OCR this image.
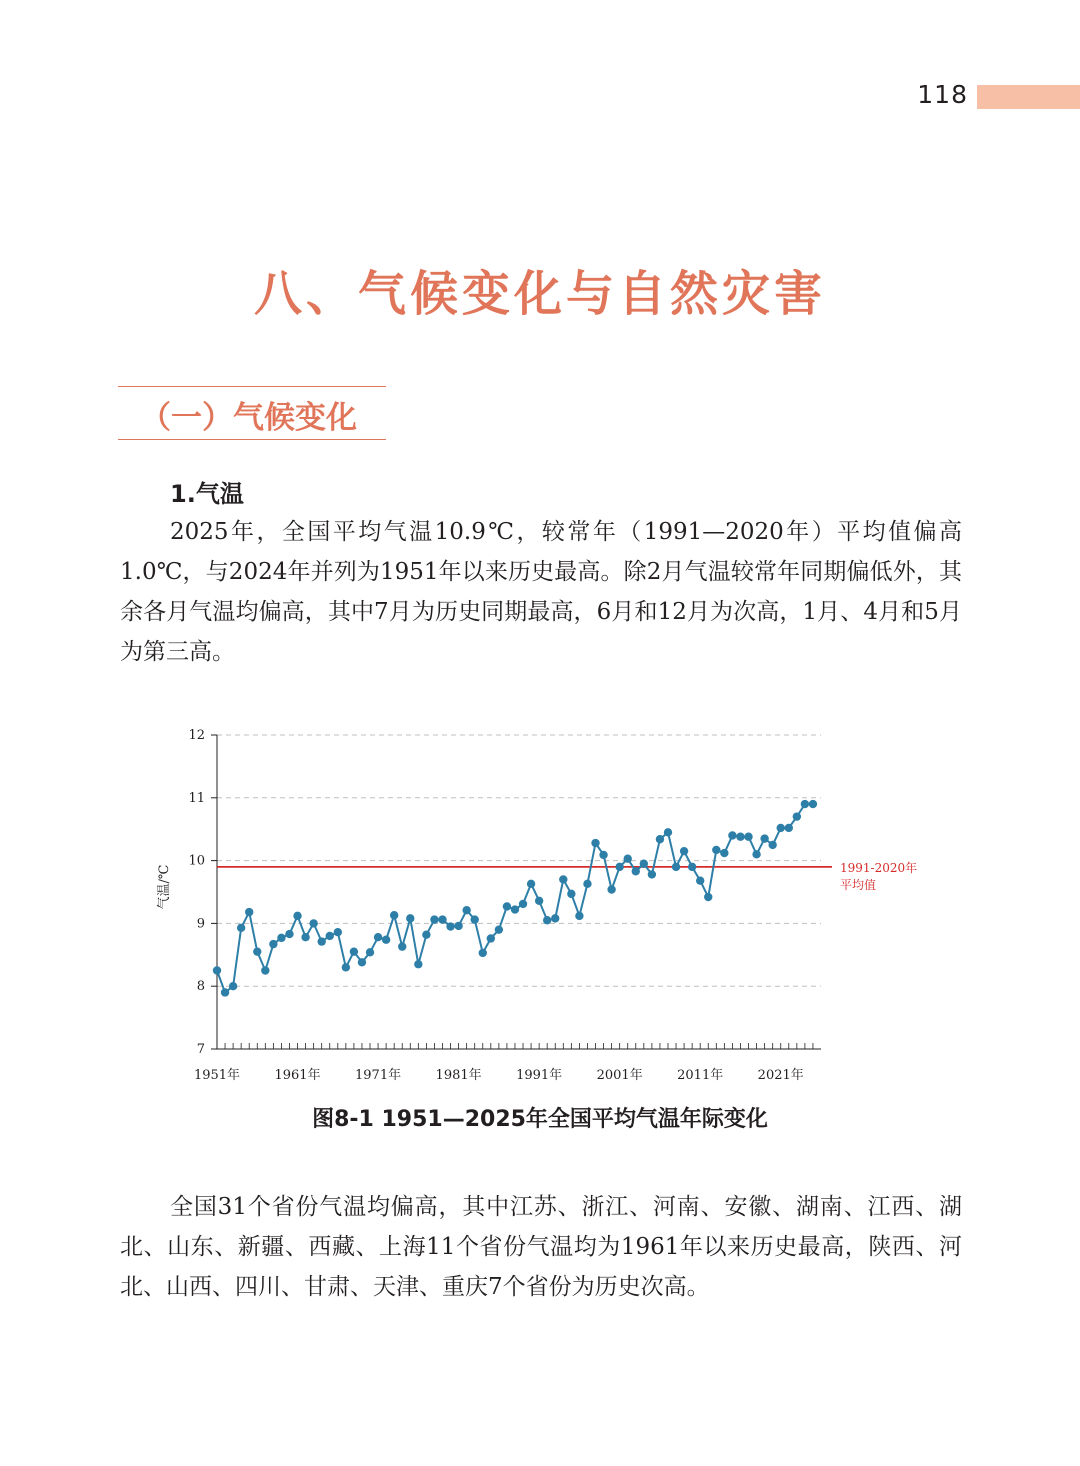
118
八、气候变化与自然灾害
（一）气候变化
1.气温

2025年，全国平均气温10.9℃，较常年（1991—2020年）平均值偏高1.0℃，与2024年并列为1951年以来历史最高。除2月气温较常年同期偏低外，其余各月气温均偏高，其中7月为历史同期最高，6月和12月为次高，1月、4月和5月为第三高。

1991-2020年
平均值
7
8
9
10
11
12
1951年	1961年	1971年	1981年	1991年	2001年	2011年	2021年
气温/℃
图8-1 1951—2025年全国平均气温年际变化

全国31个省份气温均偏高，其中江苏、浙江、河南、安徽、湖南、江西、湖北、山东、新疆、西藏、上海11个省份气温均为1961年以来历史最高，陕西、河北、山西、四川、甘肃、天津、重庆7个省份为历史次高。
